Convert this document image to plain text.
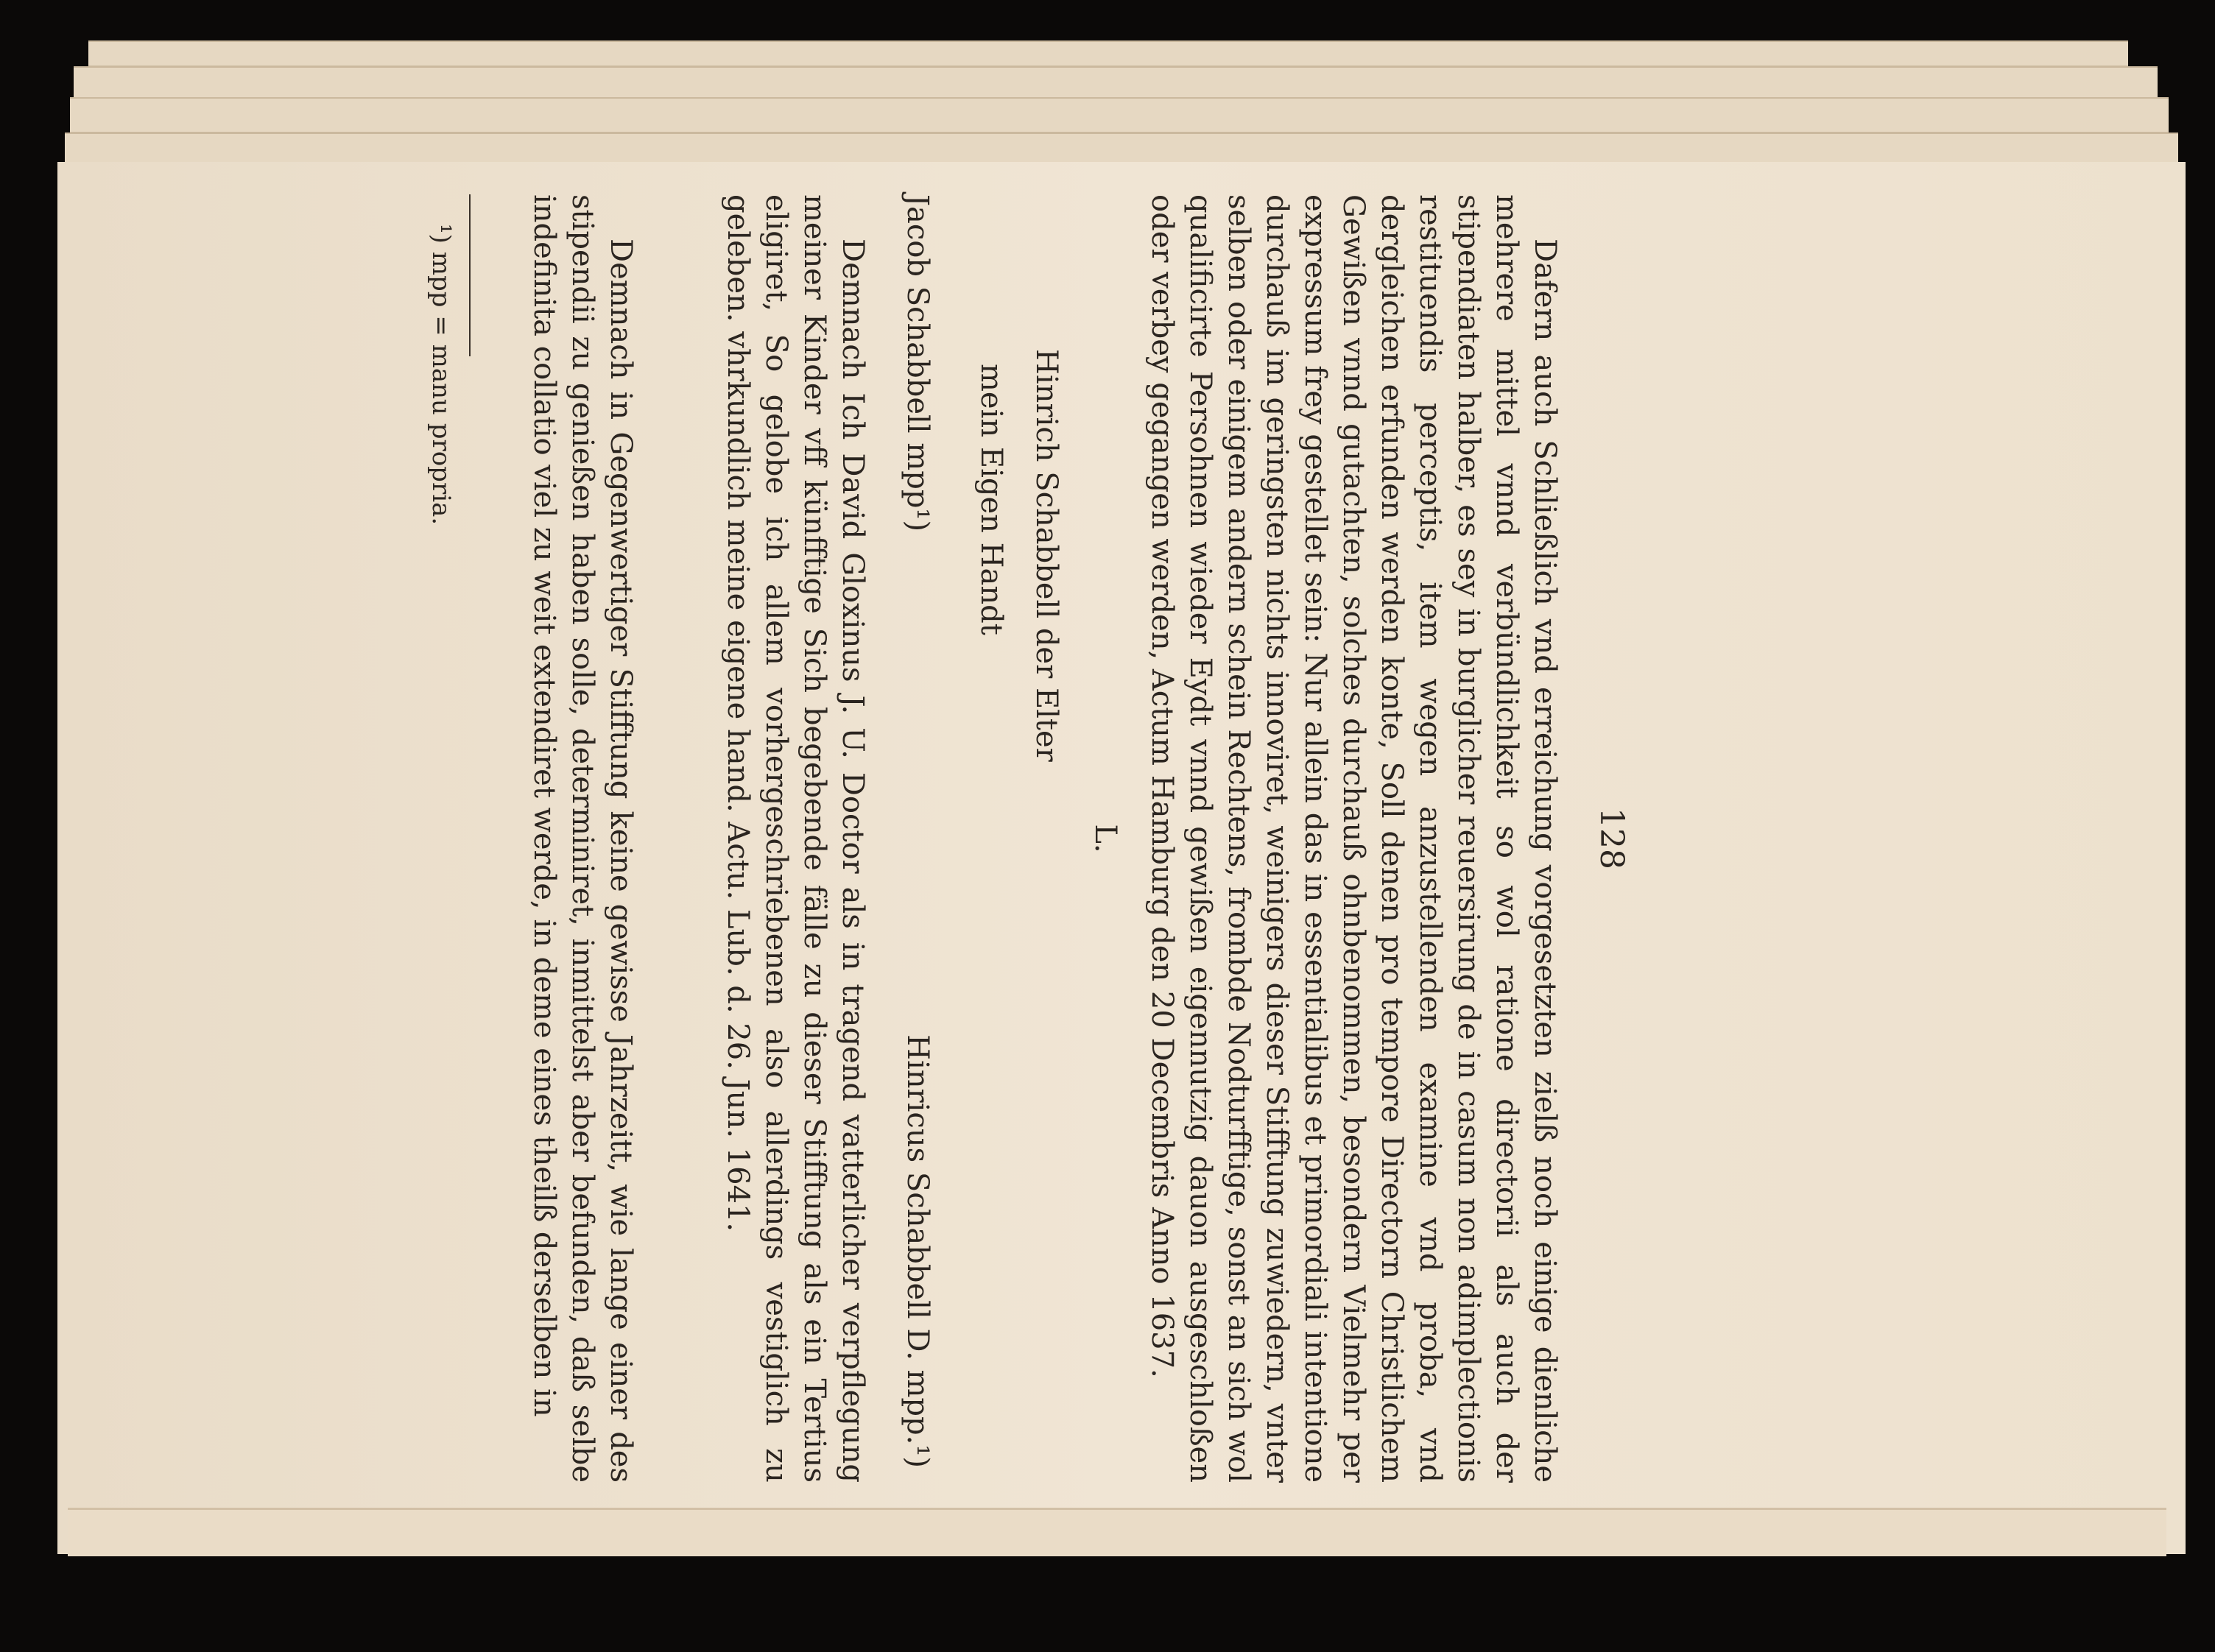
128

Dafern auch Schließlich vnd erreichung vorgesetzten zielß noch einige dienliche mehrere mittel vnnd verbündlichkeit so wol ratione directorii als auch der stipendiaten halber, es sey in burglicher reuersirung de in casum non adimplectionis restituendis perceptis, item wegen anzustellenden examine vnd proba, vnd dergleichen erfunden werden konte, Soll denen pro tempore Directorn Christlichem Gewißen vnnd gutachten, solches durchauß ohnbenommen, besondern Vielmehr per expressum frey gestellet sein: Nur allein das in essentialibus et primordiali intentione durchauß im geringsten nichts innoviret, weinigers dieser Stifftung zuwiedern, vnter selben oder einigem andern schein Rechtens, frombde Nodturfftige, sonst an sich wol qualificirte Persohnen wieder Eydt vnnd gewißen eigennutzig dauon ausgeschloßen oder verbey gegangen werden, Actum Hamburg den 20 Decembris Anno 1637.

L.
Hinrich Schabbell der Elter
mein Eigen Handt
Jacob Schabbell mpp¹)
Hinricus Schabbell D. mpp.¹)

Demnach Ich David Gloxinus J. U. Doctor als in tragend vatterlicher verpflegung meiner Kinder vff künfftige Sich begebende fälle zu dieser Stifftung als ein Tertius eligiret, So gelobe ich allem vorhergeschriebenen also allerdings vestiglich zu geleben. vhrkundlich meine eigene hand. Actu. Lub. d. 26. Jun. 1641.

Demnach in Gegenwertiger Stifftung keine gewisse Jahrzeitt, wie lange einer des stipendii zu genießen haben solle, determiniret, inmittelst aber befunden, daß selbe indefinita collatio viel zu weit extendiret werde, in deme eines theilß derselben in

¹) mpp = manu propria.
